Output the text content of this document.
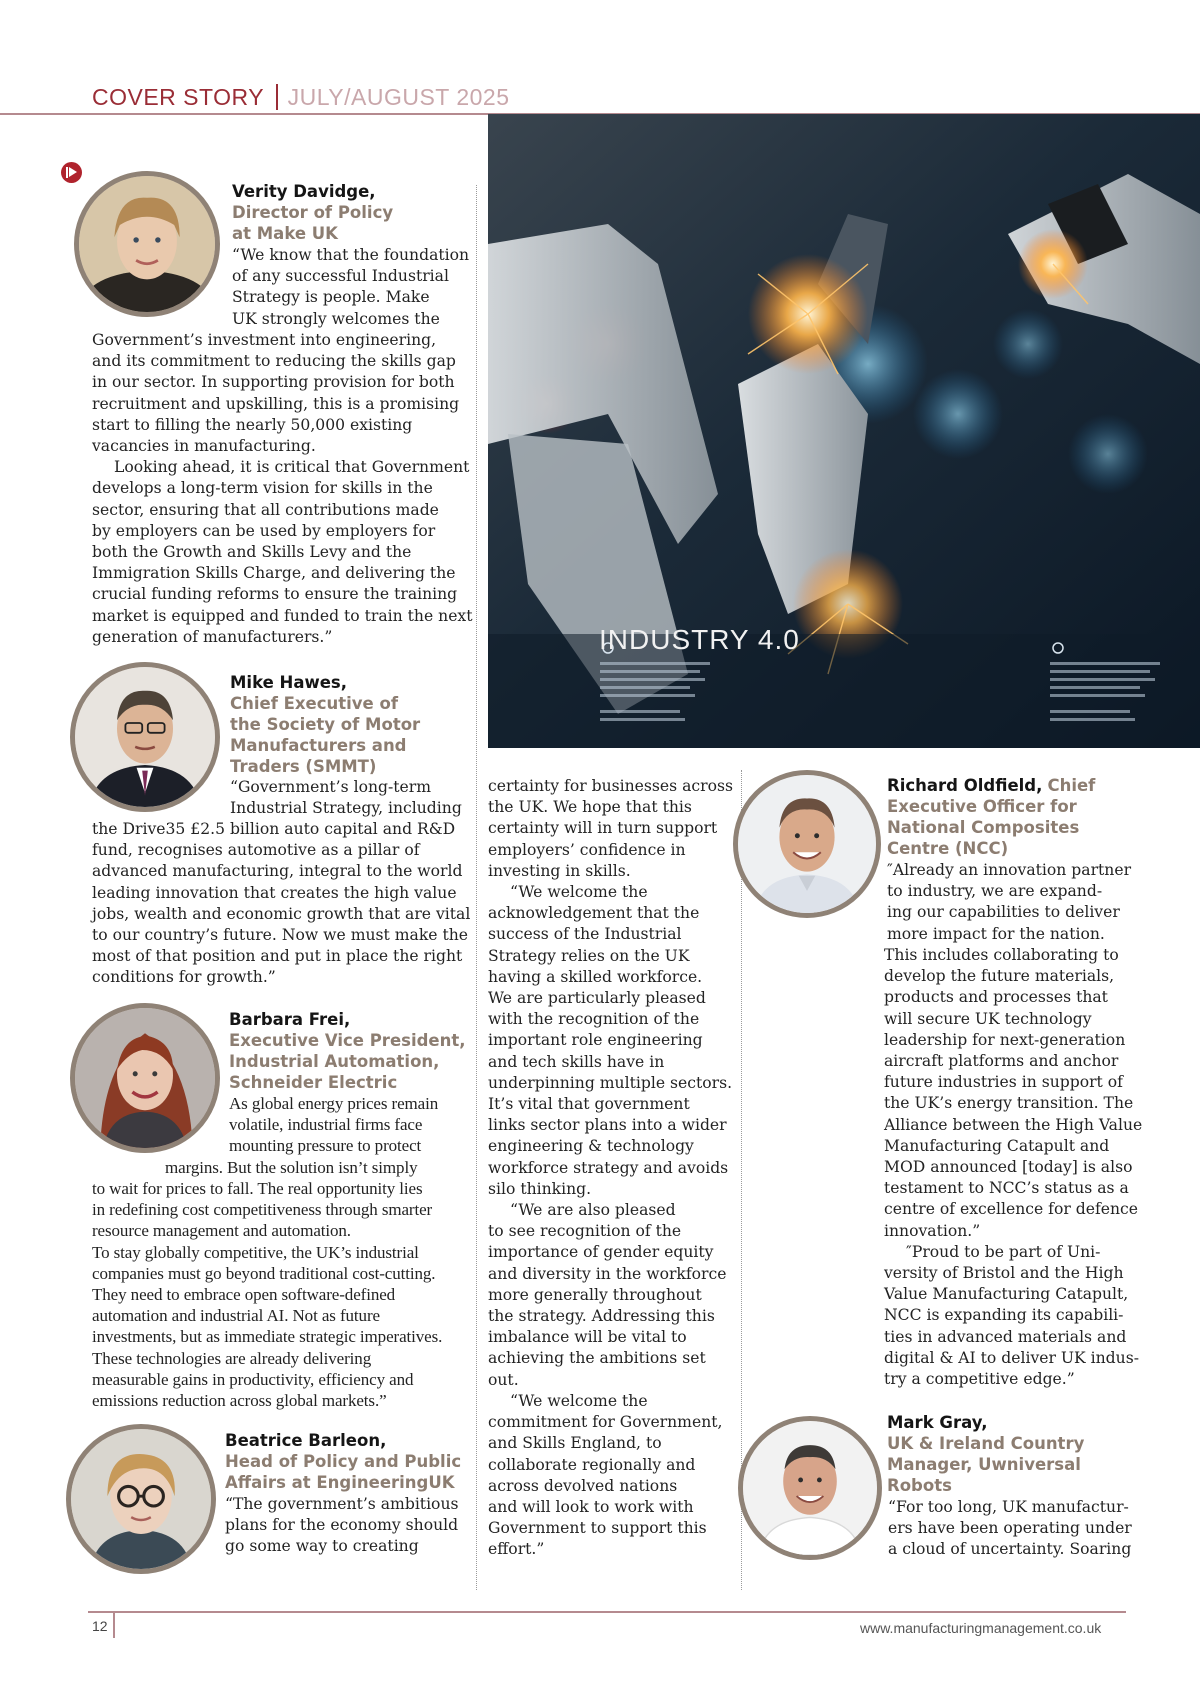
COVER STORY JULY/AUGUST 2025
INDUSTRY 4.0
Verity Davidge,
Director of Policy
at Make UK
“We know that the foundation
of any successful Industrial
Strategy is people. Make
UK strongly welcomes the
Government’s investment into engineering,
and its commitment to reducing the skills gap
in our sector. In supporting provision for both
recruitment and upskilling, this is a promising
start to filling the nearly 50,000 existing
vacancies in manufacturing.
Looking ahead, it is critical that Government
develops a long-term vision for skills in the
sector, ensuring that all contributions made
by employers can be used by employers for
both the Growth and Skills Levy and the
Immigration Skills Charge, and delivering the
crucial funding reforms to ensure the training
market is equipped and funded to train the next
generation of manufacturers.”
Mike Hawes,
Chief Executive of
the Society of Motor
Manufacturers and
Traders (SMMT)
“Government’s long-term
Industrial Strategy, including
the Drive35 £2.5 billion auto capital and R&D
fund, recognises automotive as a pillar of
advanced manufacturing, integral to the world
leading innovation that creates the high value
jobs, wealth and economic growth that are vital
to our country’s future. Now we must make the
most of that position and put in place the right
conditions for growth.”
Barbara Frei,
Executive Vice President,
Industrial Automation,
Schneider Electric
As global energy prices remain
volatile, industrial firms face
mounting pressure to protect
margins. But the solution isn’t simply
to wait for prices to fall. The real opportunity lies
in redefining cost competitiveness through smarter
resource management and automation.
To stay globally competitive, the UK’s industrial
companies must go beyond traditional cost-cutting.
They need to embrace open software-defined
automation and industrial AI. Not as future
investments, but as immediate strategic imperatives.
These technologies are already delivering
measurable gains in productivity, efficiency and
emissions reduction across global markets.”
Beatrice Barleon,
Head of Policy and Public
Affairs at EngineeringUK
“The government’s ambitious
plans for the economy should
go some way to creating
certainty for businesses across
the UK. We hope that this
certainty will in turn support
employers’ confidence in
investing in skills.
“We welcome the
acknowledgement that the
success of the Industrial
Strategy relies on the UK
having a skilled workforce.
We are particularly pleased
with the recognition of the
important role engineering
and tech skills have in
underpinning multiple sectors.
It’s vital that government
links sector plans into a wider
engineering & technology
workforce strategy and avoids
silo thinking.
“We are also pleased
to see recognition of the
importance of gender equity
and diversity in the workforce
more generally throughout
the strategy. Addressing this
imbalance will be vital to
achieving the ambitions set
out.
“We welcome the
commitment for Government,
and Skills England, to
collaborate regionally and
across devolved nations
and will look to work with
Government to support this
effort.”
Richard Oldfield, Chief
Executive Officer for
National Composites
Centre (NCC)
″Already an innovation partner
to industry, we are expand-
ing our capabilities to deliver
more impact for the nation.
This includes collaborating to
develop the future materials,
products and processes that
will secure UK technology
leadership for next-generation
aircraft platforms and anchor
future industries in support of
the UK’s energy transition. The
Alliance between the High Value
Manufacturing Catapult and
MOD announced [today] is also
testament to NCC’s status as a
centre of excellence for defence
innovation.”
″Proud to be part of Uni-
versity of Bristol and the High
Value Manufacturing Catapult,
NCC is expanding its capabili-
ties in advanced materials and
digital & AI to deliver UK indus-
try a competitive edge.”
Mark Gray,
UK & Ireland Country
Manager, Uwniversal
Robots
“For too long, UK manufactur-
ers have been operating under
a cloud of uncertainty. Soaring
12	www.manufacturingmanagement.co.uk
